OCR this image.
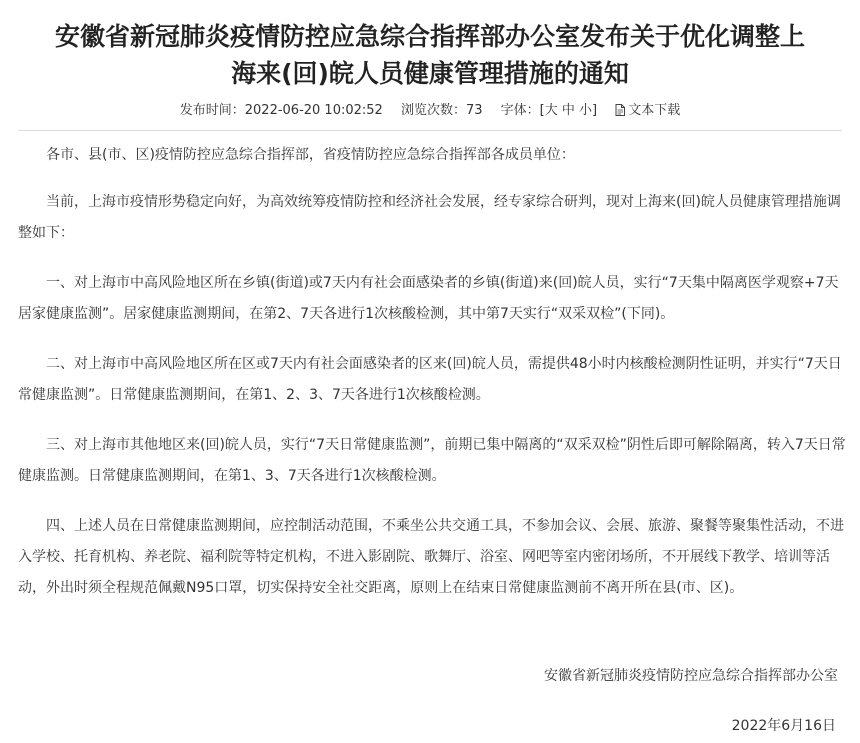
安徽省新冠肺炎疫情防控应急综合指挥部办公室发布关于优化调整上
海来(回)皖人员健康管理措施的通知
发布时间：2022-06-20 10:02:52 浏览次数：73 字体：[大 中 小] 文本下载

各市、县(市、区)疫情防控应急综合指挥部，省疫情防控应急综合指挥部各成员单位：

当前，上海市疫情形势稳定向好，为高效统筹疫情防控和经济社会发展，经专家综合研判，现对上海来(回)皖人员健康管理措施调整如下：

一、对上海市中高风险地区所在乡镇(街道)或7天内有社会面感染者的乡镇(街道)来(回)皖人员，实行“7天集中隔离医学观察+7天居家健康监测”。居家健康监测期间，在第2、7天各进行1次核酸检测，其中第7天实行“双采双检”(下同)。

二、对上海市中高风险地区所在区或7天内有社会面感染者的区来(回)皖人员，需提供48小时内核酸检测阴性证明，并实行“7天日常健康监测”。日常健康监测期间，在第1、2、3、7天各进行1次核酸检测。

三、对上海市其他地区来(回)皖人员，实行“7天日常健康监测”，前期已集中隔离的“双采双检”阴性后即可解除隔离，转入7天日常健康监测。日常健康监测期间，在第1、3、7天各进行1次核酸检测。

四、上述人员在日常健康监测期间，应控制活动范围，不乘坐公共交通工具，不参加会议、会展、旅游、聚餐等聚集性活动，不进入学校、托育机构、养老院、福利院等特定机构，不进入影剧院、歌舞厅、浴室、网吧等室内密闭场所，不开展线下教学、培训等活动，外出时须全程规范佩戴N95口罩，切实保持安全社交距离，原则上在结束日常健康监测前不离开所在县(市、区)。

安徽省新冠肺炎疫情防控应急综合指挥部办公室
2022年6月16日
